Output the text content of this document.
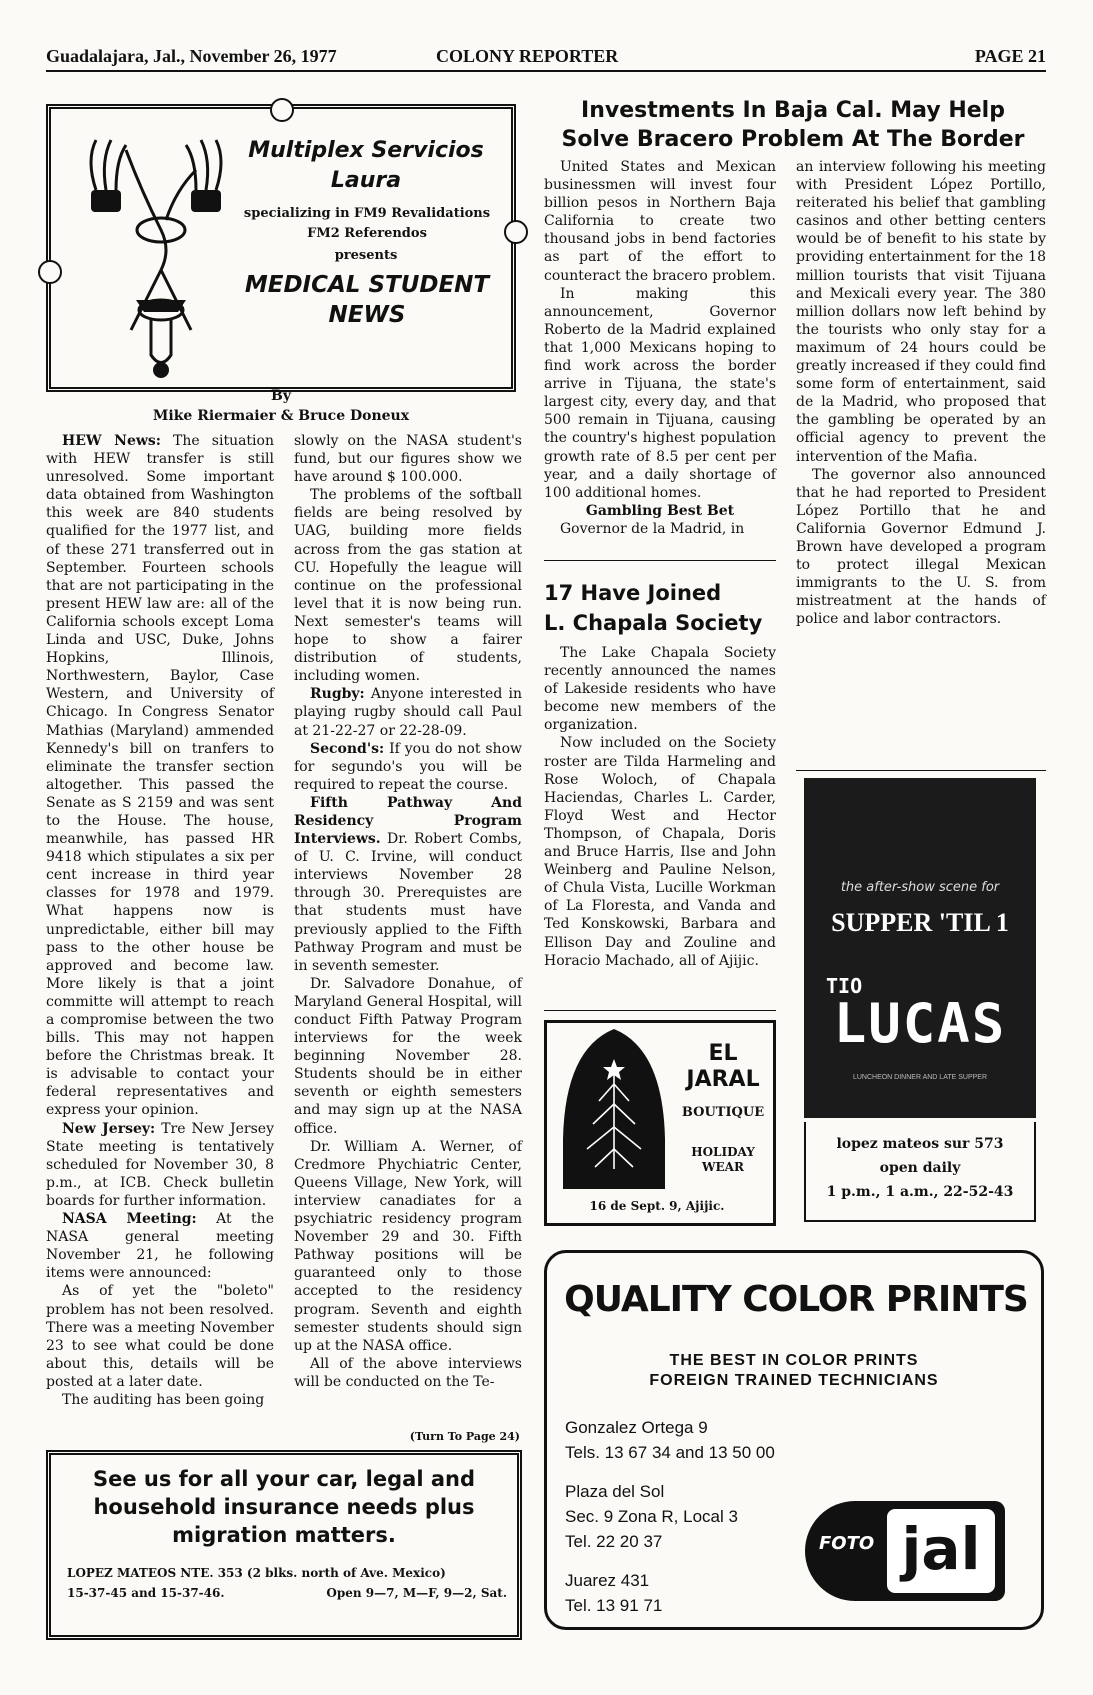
Guadalajara, Jal., November 26, 1977	COLONY REPORTER	PAGE 21
Multiplex Servicios
Laura
specializing in FM9 Revalidations
FM2 Referendos
presents
MEDICAL STUDENT
NEWS
By
Mike Riermaier & Bruce Doneux

HEW News: The situation with HEW transfer is still unresolved. Some important data obtained from Washington this week are 840 students qualified for the 1977 list, and of these 271 transferred out in September. Fourteen schools that are not participating in the present HEW law are: all of the California schools except Loma Linda and USC, Duke, Johns Hopkins, Illinois, Northwestern, Baylor, Case Western, and University of Chicago. In Congress Senator Mathias (Maryland) ammended Kennedy's bill on tranfers to eliminate the transfer section altogether. This passed the Senate as S 2159 and was sent to the House. The house, meanwhile, has passed HR 9418 which stipulates a six per cent increase in third year classes for 1978 and 1979. What happens now is unpredictable, either bill may pass to the other house be approved and become law. More likely is that a joint committe will attempt to reach a compromise between the two bills. This may not happen before the Christmas break. It is advisable to contact your federal representatives and express your opinion.

New Jersey: Tre New Jersey State meeting is tentatively scheduled for November 30, 8 p.m., at ICB. Check bulletin boards for further information.

NASA Meeting: At the NASA general meeting November 21, he following items were announced:

As of yet the "boleto" problem has not been resolved. There was a meeting November 23 to see what could be done about this, details will be posted at a later date.

The auditing has been going

slowly on the NASA student's fund, but our figures show we have around $ 100.000.

The problems of the softball fields are being resolved by UAG, building more fields across from the gas station at CU. Hopefully the league will continue on the professional level that it is now being run. Next semester's teams will hope to show a fairer distribution of students, including women.

Rugby: Anyone interested in playing rugby should call Paul at 21-22-27 or 22-28-09.

Second's: If you do not show for segundo's you will be required to repeat the course.

Fifth Pathway And Residency Program Interviews. Dr. Robert Combs, of U. C. Irvine, will conduct interviews November 28 through 30. Prerequistes are that students must have previously applied to the Fifth Pathway Program and must be in seventh semester.

Dr. Salvadore Donahue, of Maryland General Hospital, will conduct Fifth Patway Program interviews for the week beginning November 28. Students should be in either seventh or eighth semesters and may sign up at the NASA office.

Dr. William A. Werner, of Credmore Phychiatric Center, Queens Village, New York, will interview canadiates for a psychiatric residency program November 29 and 30. Fifth Pathway positions will be guaranteed only to those accepted to the residency program. Seventh and eighth semester students should sign up at the NASA office.

All of the above interviews will be conducted on the Te-

(Turn To Page 24)
See us for all your car, legal and
household insurance needs plus
migration matters.
LOPEZ MATEOS NTE. 353 (2 blks. north of Ave. Mexico)
15-37-45 and 15-37-46.	Open 9—7, M—F, 9—2, Sat.
Investments In Baja Cal. May Help
Solve Bracero Problem At The Border

United States and Mexican businessmen will invest four billion pesos in Northern Baja California to create two thousand jobs in bend factories as part of the effort to counteract the bracero problem.

In making this announcement, Governor Roberto de la Madrid explained that 1,000 Mexicans hoping to find work across the border arrive in Tijuana, the state's largest city, every day, and that 500 remain in Tijuana, causing the country's highest population growth rate of 8.5 per cent per year, and a daily shortage of 100 additional homes.

Gambling Best Bet

Governor de la Madrid, in

an interview following his meeting with President López Portillo, reiterated his belief that gambling casinos and other betting centers would be of benefit to his state by providing entertainment for the 18 million tourists that visit Tijuana and Mexicali every year. The 380 million dollars now left behind by the tourists who only stay for a maximum of 24 hours could be greatly increased if they could find some form of entertainment, said de la Madrid, who proposed that the gambling be operated by an official agency to prevent the intervention of the Mafia.

The governor also announced that he had reported to President López Portillo that he and California Governor Edmund J. Brown have developed a program to protect illegal Mexican immigrants to the U. S. from mistreatment at the hands of police and labor contractors.

17 Have Joined
L. Chapala Society

The Lake Chapala Society recently announced the names of Lakeside residents who have become new members of the organization.

Now included on the Society roster are Tilda Harmeling and Rose Woloch, of Chapala Haciendas, Charles L. Carder, Floyd West and Hector Thompson, of Chapala, Doris and Bruce Harris, Ilse and John Weinberg and Pauline Nelson, of Chula Vista, Lucille Workman of La Floresta, and Vanda and Ted Konskowski, Barbara and Ellison Day and Zouline and Horacio Machado, all of Ajijic.

EL
JARAL
BOUTIQUE
HOLIDAY
WEAR
16 de Sept. 9, Ajijic.
the after-show scene for
SUPPER 'TIL 1
TIO
LUCAS
LUNCHEON DINNER AND LATE SUPPER
lopez mateos sur 573
open daily
1 p.m., 1 a.m., 22-52-43
QUALITY COLOR PRINTS
THE BEST IN COLOR PRINTS
FOREIGN TRAINED TECHNICIANS
Gonzalez Ortega 9
Tels. 13 67 34 and 13 50 00
Plaza del Sol
Sec. 9 Zona R, Local 3
Tel. 22 20 37
Juarez 431
Tel. 13 91 71
FOTO jal
